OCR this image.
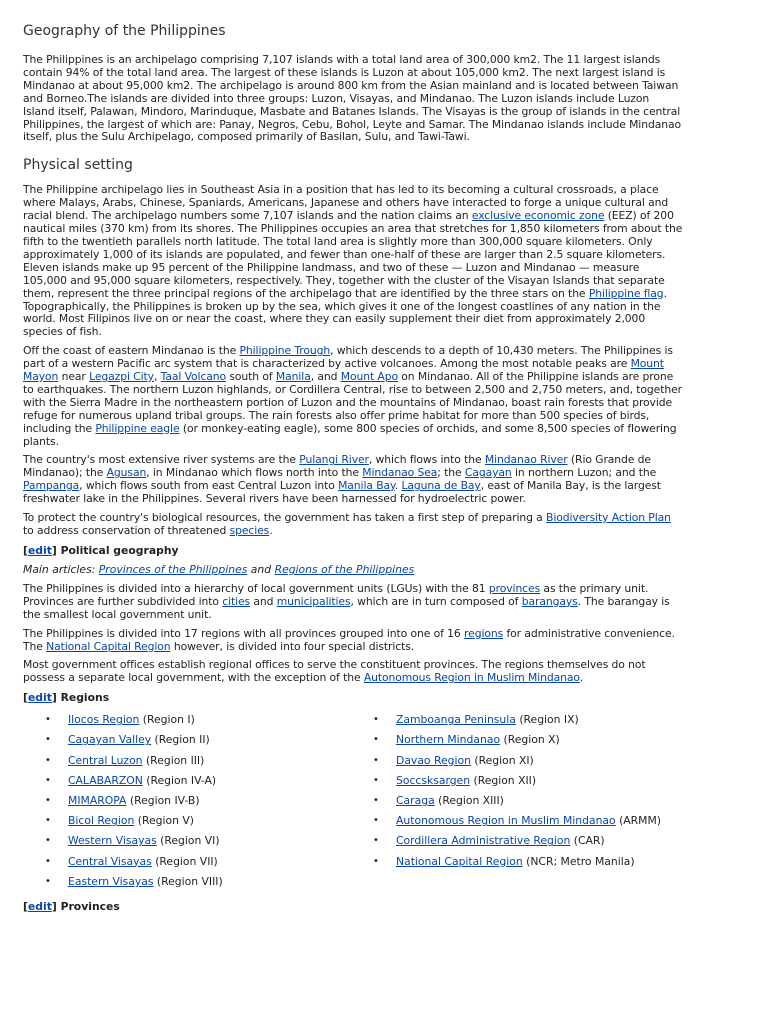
Geography of the Philippines

The Philippines is an archipelago comprising 7,107 islands with a total land area of 300,000 km2. The 11 largest islands contain 94% of the total land area. The largest of these islands is Luzon at about 105,000 km2. The next largest island is Mindanao at about 95,000 km2. The archipelago is around 800 km from the Asian mainland and is located between Taiwan and Borneo.The islands are divided into three groups: Luzon, Visayas, and Mindanao. The Luzon islands include Luzon Island itself, Palawan, Mindoro, Marinduque, Masbate and Batanes Islands. The Visayas is the group of islands in the central Philippines, the largest of which are: Panay, Negros, Cebu, Bohol, Leyte and Samar. The Mindanao islands include Mindanao itself, plus the Sulu Archipelago, composed primarily of Basilan, Sulu, and Tawi-Tawi.

Physical setting

The Philippine archipelago lies in Southeast Asia in a position that has led to its becoming a cultural crossroads, a place where Malays, Arabs, Chinese, Spaniards, Americans, Japanese and others have interacted to forge a unique cultural and racial blend. The archipelago numbers some 7,107 islands and the nation claims an exclusive economic zone (EEZ) of 200 nautical miles (370 km) from its shores. The Philippines occupies an area that stretches for 1,850 kilometers from about the fifth to the twentieth parallels north latitude. The total land area is slightly more than 300,000 square kilometers. Only approximately 1,000 of its islands are populated, and fewer than one-half of these are larger than 2.5 square kilometers. Eleven islands make up 95 percent of the Philippine landmass, and two of these — Luzon and Mindanao — measure 105,000 and 95,000 square kilometers, respectively. They, together with the cluster of the Visayan Islands that separate them, represent the three principal regions of the archipelago that are identified by the three stars on the Philippine flag. Topographically, the Philippines is broken up by the sea, which gives it one of the longest coastlines of any nation in the world. Most Filipinos live on or near the coast, where they can easily supplement their diet from approximately 2,000 species of fish.

Off the coast of eastern Mindanao is the Philippine Trough, which descends to a depth of 10,430 meters. The Philippines is part of a western Pacific arc system that is characterized by active volcanoes. Among the most notable peaks are Mount Mayon near Legazpi City, Taal Volcano south of Manila, and Mount Apo on Mindanao. All of the Philippine islands are prone to earthquakes. The northern Luzon highlands, or Cordillera Central, rise to between 2,500 and 2,750 meters, and, together with the Sierra Madre in the northeastern portion of Luzon and the mountains of Mindanao, boast rain forests that provide refuge for numerous upland tribal groups. The rain forests also offer prime habitat for more than 500 species of birds, including the Philippine eagle (or monkey-eating eagle), some 800 species of orchids, and some 8,500 species of flowering plants.

The country's most extensive river systems are the Pulangi River, which flows into the Mindanao River (Rio Grande de Mindanao); the Agusan, in Mindanao which flows north into the Mindanao Sea; the Cagayan in northern Luzon; and the Pampanga, which flows south from east Central Luzon into Manila Bay. Laguna de Bay, east of Manila Bay, is the largest freshwater lake in the Philippines. Several rivers have been harnessed for hydroelectric power.

To protect the country's biological resources, the government has taken a first step of preparing a Biodiversity Action Plan to address conservation of threatened species.

[edit] Political geography
Main articles: Provinces of the Philippines and Regions of the Philippines

The Philippines is divided into a hierarchy of local government units (LGUs) with the 81 provinces as the primary unit. Provinces are further subdivided into cities and municipalities, which are in turn composed of barangays. The barangay is the smallest local government unit.

The Philippines is divided into 17 regions with all provinces grouped into one of 16 regions for administrative convenience. The National Capital Region however, is divided into four special districts.

Most government offices establish regional offices to serve the constituent provinces. The regions themselves do not possess a separate local government, with the exception of the Autonomous Region in Muslim Mindanao.

[edit] Regions
• Ilocos Region (Region I)
• Cagayan Valley (Region II)
• Central Luzon (Region III)
• CALABARZON (Region IV-A)
• MIMAROPA (Region IV-B)
• Bicol Region (Region V)
• Western Visayas (Region VI)
• Central Visayas (Region VII)
• Eastern Visayas (Region VIII)
• Zamboanga Peninsula (Region IX)
• Northern Mindanao (Region X)
• Davao Region (Region XI)
• Soccsksargen (Region XII)
• Caraga (Region XIII)
• Autonomous Region in Muslim Mindanao (ARMM)
• Cordillera Administrative Region (CAR)
• National Capital Region (NCR; Metro Manila)
[edit] Provinces
